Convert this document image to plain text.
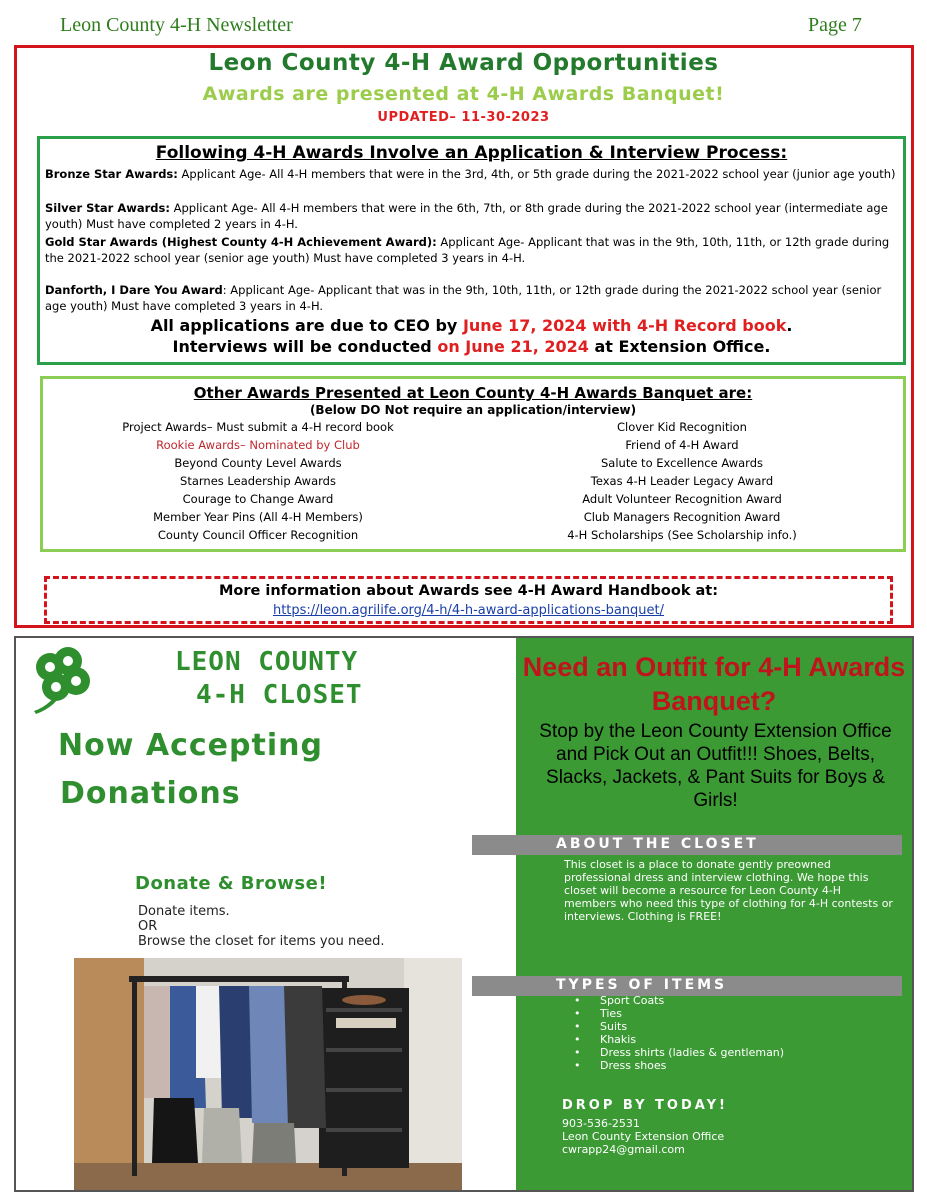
Leon County 4-H Newsletter	Page 7
Leon County 4-H Award Opportunities
Awards are presented at 4-H Awards Banquet!
UPDATED– 11-30-2023
Following 4-H Awards Involve an Application & Interview Process:
Bronze Star Awards: Applicant Age- All 4-H members that were in the 3rd, 4th, or 5th grade during the 2021-2022 school year (junior age youth)
Silver Star Awards: Applicant Age- All 4-H members that were in the 6th, 7th, or 8th grade during the 2021-2022 school year (intermediate age youth) Must have completed 2 years in 4-H.
Gold Star Awards (Highest County 4-H Achievement Award): Applicant Age- Applicant that was in the 9th, 10th, 11th, or 12th grade during the 2021-2022 school year (senior age youth) Must have completed 3 years in 4-H.
Danforth, I Dare You Award: Applicant Age- Applicant that was in the 9th, 10th, 11th, or 12th grade during the 2021-2022 school year (senior age youth) Must have completed 3 years in 4-H.
All applications are due to CEO by June 17, 2024 with 4-H Record book.
Interviews will be conducted on June 21, 2024 at Extension Office.
Other Awards Presented at Leon County 4-H Awards Banquet are:
(Below DO Not require an application/interview)
Project Awards– Must submit a 4-H record book
Rookie Awards– Nominated by Club
Beyond County Level Awards
Starnes Leadership Awards
Courage to Change Award
Member Year Pins (All 4-H Members)
County Council Officer Recognition
Clover Kid Recognition
Friend of 4-H Award
Salute to Excellence Awards
Texas 4-H Leader Legacy Award
Adult Volunteer Recognition Award
Club Managers Recognition Award
4-H Scholarships (See Scholarship info.)
More information about Awards see 4-H Award Handbook at:
https://leon.agrilife.org/4-h/4-h-award-applications-banquet/
LEON COUNTY
4-H CLOSET
Now Accepting
Donations
Donate & Browse!
Donate items.
OR
Browse the closet for items you need.
Need an Outfit for 4-H Awards Banquet?
Stop by the Leon County Extension Office and Pick Out an Outfit!!! Shoes, Belts, Slacks, Jackets, & Pant Suits for Boys & Girls!
ABOUT THE CLOSET
This closet is a place to donate gently preowned professional dress and interview clothing. We hope this closet will become a resource for Leon County 4-H members who need this type of clothing for 4-H contests or interviews. Clothing is FREE!
TYPES OF ITEMS
• Sport Coats
• Ties
• Suits
• Khakis
• Dress shirts (ladies & gentleman)
• Dress shoes
DROP BY TODAY!
903-536-2531
Leon County Extension Office
cwrapp24@gmail.com
